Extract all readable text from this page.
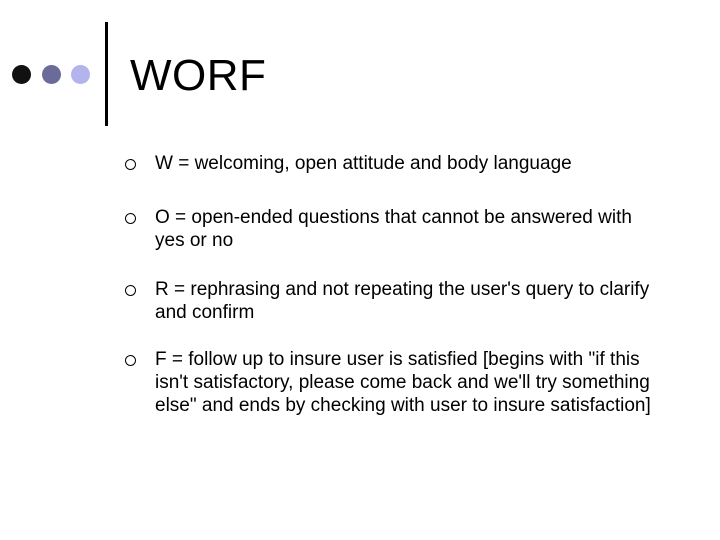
WORF
W = welcoming, open attitude and body language
O = open-ended questions that cannot be answered with yes or no
R = rephrasing and not repeating the user's query to clarify and confirm
F = follow up to insure user is satisfied [begins with "if this isn't satisfactory, please come back and we'll try something else" and ends by checking with user to insure satisfaction]
